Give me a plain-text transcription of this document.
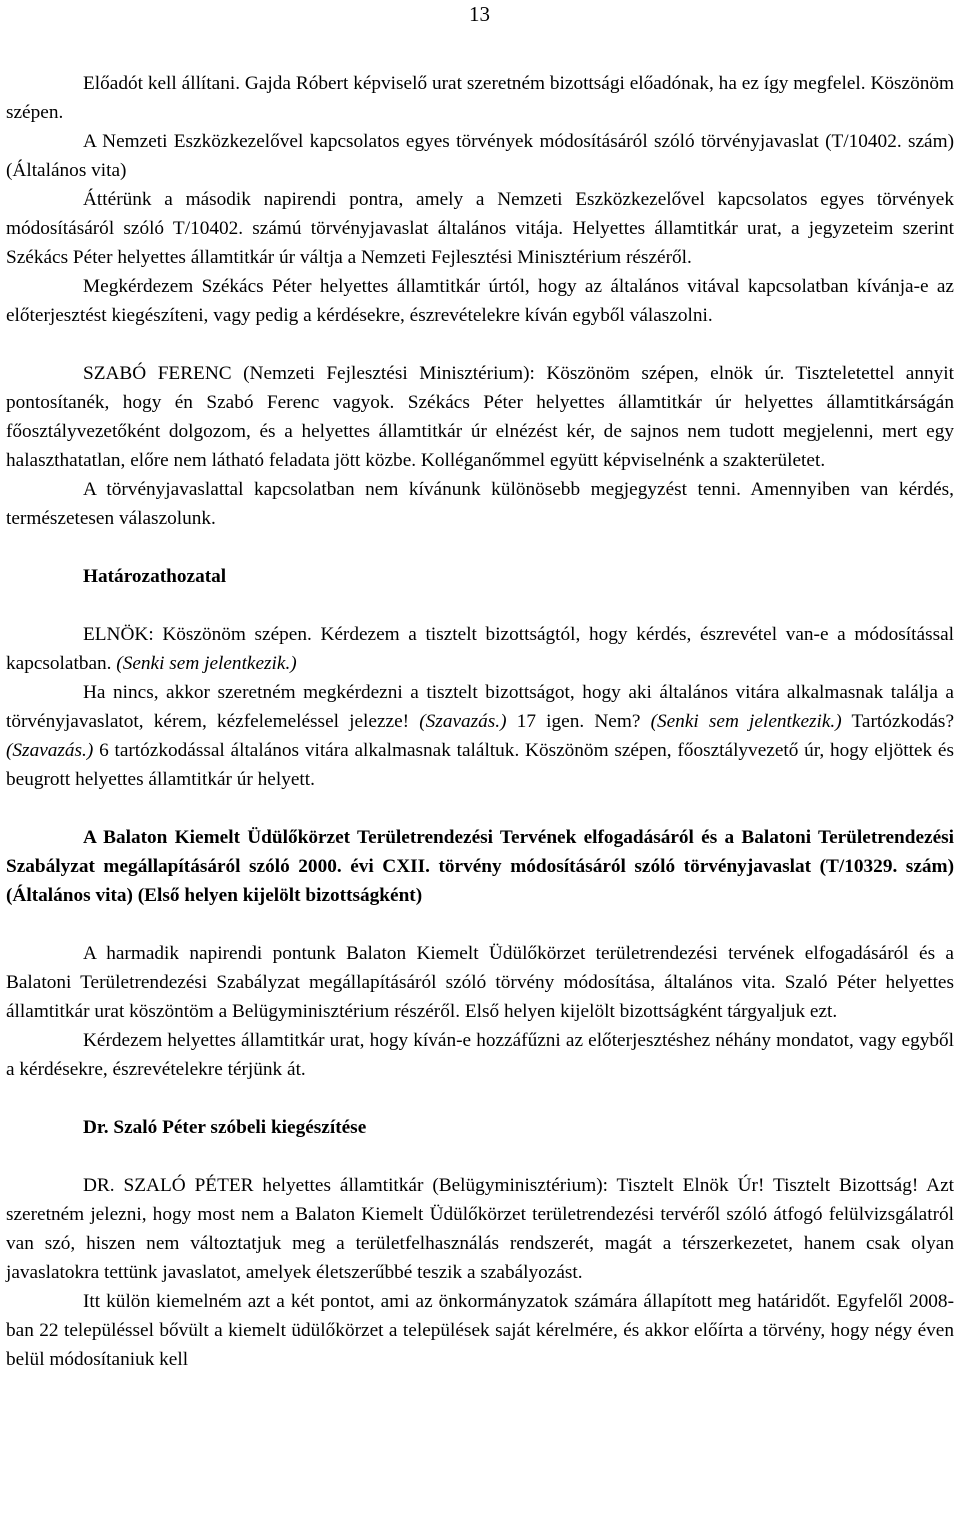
13

Előadót kell állítani. Gajda Róbert képviselő urat szeretném bizottsági előadónak, ha ez így megfelel. Köszönöm szépen.

A Nemzeti Eszközkezelővel kapcsolatos egyes törvények módosításáról szóló törvényjavaslat (T/10402. szám) (Általános vita)

Áttérünk a második napirendi pontra, amely a Nemzeti Eszközkezelővel kapcsolatos egyes törvények módosításáról szóló T/10402. számú törvényjavaslat általános vitája. Helyettes államtitkár urat, a jegyzeteim szerint Székács Péter helyettes államtitkár úr váltja a Nemzeti Fejlesztési Minisztérium részéről.

Megkérdezem Székács Péter helyettes államtitkár úrtól, hogy az általános vitával kapcsolatban kívánja-e az előterjesztést kiegészíteni, vagy pedig a kérdésekre, észrevételekre kíván egyből válaszolni.

SZABÓ FERENC (Nemzeti Fejlesztési Minisztérium): Köszönöm szépen, elnök úr. Tiszteletettel annyit pontosítanék, hogy én Szabó Ferenc vagyok. Székács Péter helyettes államtitkár úr helyettes államtitkárságán főosztályvezetőként dolgozom, és a helyettes államtitkár úr elnézést kér, de sajnos nem tudott megjelenni, mert egy halaszthatatlan, előre nem látható feladata jött közbe. Kolléganőmmel együtt képviselnénk a szakterületet.

A törvényjavaslattal kapcsolatban nem kívánunk különösebb megjegyzést tenni. Amennyiben van kérdés, természetesen válaszolunk.

Határozathozatal

ELNÖK: Köszönöm szépen. Kérdezem a tisztelt bizottságtól, hogy kérdés, észrevétel van-e a módosítással kapcsolatban. (Senki sem jelentkezik.)

Ha nincs, akkor szeretném megkérdezni a tisztelt bizottságot, hogy aki általános vitára alkalmasnak találja a törvényjavaslatot, kérem, kézfelemeléssel jelezze! (Szavazás.) 17 igen. Nem? (Senki sem jelentkezik.) Tartózkodás? (Szavazás.) 6 tartózkodással általános vitára alkalmasnak találtuk. Köszönöm szépen, főosztályvezető úr, hogy eljöttek és beugrott helyettes államtitkár úr helyett.

A Balaton Kiemelt Üdülőkörzet Területrendezési Tervének elfogadásáról és a Balatoni Területrendezési Szabályzat megállapításáról szóló 2000. évi CXII. törvény módosításáról szóló törvényjavaslat (T/10329. szám) (Általános vita) (Első helyen kijelölt bizottságként)

A harmadik napirendi pontunk Balaton Kiemelt Üdülőkörzet területrendezési tervének elfogadásáról és a Balatoni Területrendezési Szabályzat megállapításáról szóló törvény módosítása, általános vita. Szaló Péter helyettes államtitkár urat köszöntöm a Belügyminisztérium részéről. Első helyen kijelölt bizottságként tárgyaljuk ezt.

Kérdezem helyettes államtitkár urat, hogy kíván-e hozzáfűzni az előterjesztéshez néhány mondatot, vagy egyből a kérdésekre, észrevételekre térjünk át.

Dr. Szaló Péter szóbeli kiegészítése

DR. SZALÓ PÉTER helyettes államtitkár (Belügyminisztérium): Tisztelt Elnök Úr! Tisztelt Bizottság! Azt szeretném jelezni, hogy most nem a Balaton Kiemelt Üdülőkörzet területrendezési tervéről szóló átfogó felülvizsgálatról van szó, hiszen nem változtatjuk meg a területfelhasználás rendszerét, magát a térszerkezetet, hanem csak olyan javaslatokra tettünk javaslatot, amelyek életszerűbbé teszik a szabályozást.

Itt külön kiemelném azt a két pontot, ami az önkormányzatok számára állapított meg határidőt. Egyfelől 2008-ban 22 településsel bővült a kiemelt üdülőkörzet a települések saját kérelmére, és akkor előírta a törvény, hogy négy éven belül módosítaniuk kell
